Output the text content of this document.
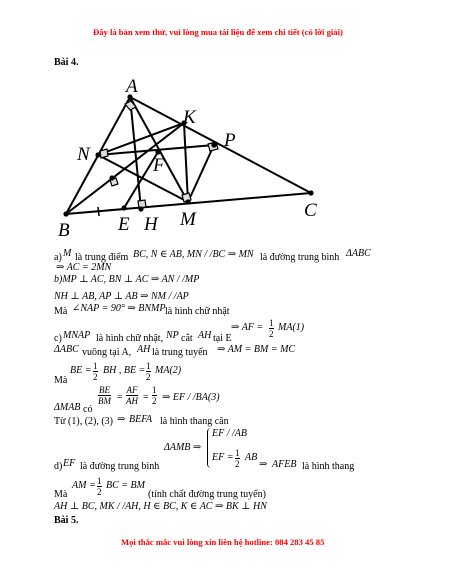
Đây là bản xem thử, vui lòng mua tài liệu để xem chi tiết (có lời giải)
Bài 4.
A
K
P
N
F
C
B	E H M
a) M là trung điểm BC, N ∈ AB, MN / /BC ⇒ MN là đường trung bình ΔABC
⇒ AC = 2MN
b)MP ⊥ AC, BN ⊥ AC ⇒ AN / /MP
NH ⊥ AB, AP ⊥ AB ⇒ NM / /AP
Mà ∠NAP = 90° ⇒ BNMP là hình chữ nhật
⇒ AF = 1
2
MA(1)
c) MNAP là hình chữ nhật, NP cắt AH tại E
ΔABC vuông tại A, AH là trung tuyến ⇒ AM = BM = MC
Mà
BE = 1
2
BH , BE = 1
2
MA(2)
ΔMAB có
BE
BM =
AF
AH =
1
2 ⇒ EF / /BA(3)
Từ (1), (2), (3) ⇒ BEFA là hình thang cân
ΔAMB ⇒
EF / /AB
EF = 1
2
AB
⇒ AFEB là hình thang
d) EF là đường trung bình
AM = 1
2
BC = BM
Mà	(tính chất đường trung tuyến)
AH ⊥ BC, MK / /AH, H ∈ BC, K ∈ AC ⇒ BK ⊥ HN
Bài 5.
Mọi thắc mắc vui lòng xin liên hệ hotline: 084 283 45 85
